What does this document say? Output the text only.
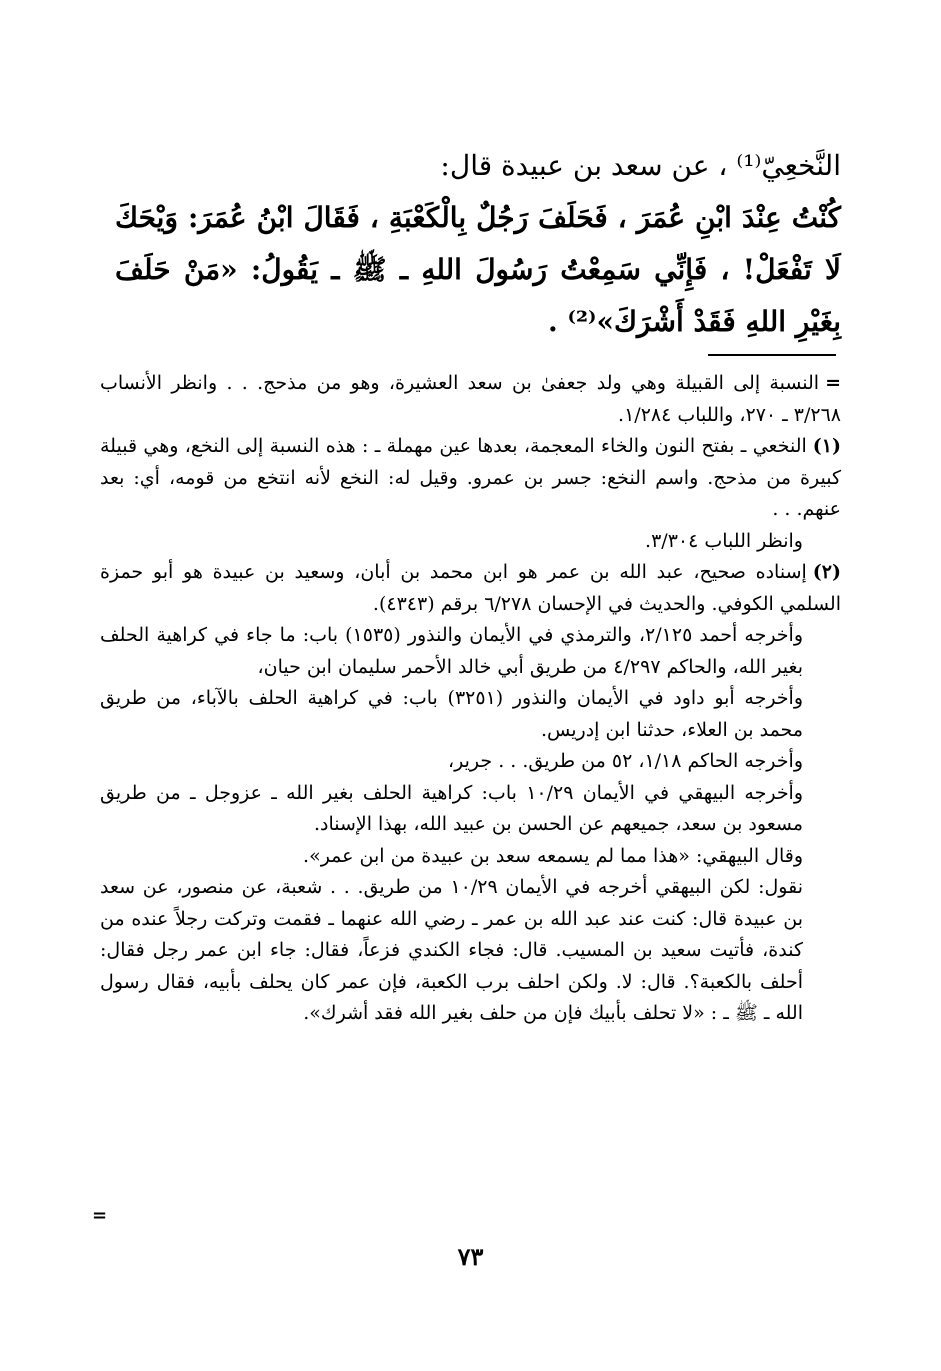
النَّخعِيّ⁽¹⁾ ، عن سعد بن عبيدة قال:

كُنْتُ عِنْدَ ابْنِ عُمَرَ ، فَحَلَفَ رَجُلٌ بِالْكَعْبَةِ ، فَقَالَ ابْنُ عُمَرَ: وَيْحَكَ لَا تَفْعَلْ! ، فَإِنِّي سَمِعْتُ رَسُولَ اللهِ ـ ﷺ ـ يَقُولُ: «مَنْ حَلَفَ بِغَيْرِ اللهِ فَقَدْ أَشْرَكَ»⁽²⁾ .

=النسبة إلى القبيلة وهي ولد جعفىٰ بن سعد العشيرة، وهو من مذحج. . . وانظر الأنساب ٣/٢٦٨ ـ ٢٧٠، واللباب ١/٢٨٤.

(١)النخعي ـ بفتح النون والخاء المعجمة، بعدها عين مهملة ـ : هذه النسبة إلى النخع، وهي قبيلة كبيرة من مذحج. واسم النخع: جسر بن عمرو. وقيل له: النخع لأنه انتخع من قومه، أي: بعد عنهم. . .

وانظر اللباب ٣/٣٠٤.

(٢)إسناده صحيح، عبد الله بن عمر هو ابن محمد بن أبان، وسعيد بن عبيدة هو أبو حمزة السلمي الكوفي. والحديث في الإحسان ٦/٢٧٨ برقم (٤٣٤٣).

وأخرجه أحمد ٢/١٢٥، والترمذي في الأيمان والنذور (١٥٣٥) باب: ما جاء في كراهية الحلف بغير الله، والحاكم ٤/٢٩٧ من طريق أبي خالد الأحمر سليمان ابن حيان،

وأخرجه أبو داود في الأيمان والنذور (٣٢٥١) باب: في كراهية الحلف بالآباء، من طريق محمد بن العلاء، حدثنا ابن إدريس.

وأخرجه الحاكم ١/١٨، ٥٢ من طريق. . . جرير،

وأخرجه البيهقي في الأيمان ١٠/٢٩ باب: كراهية الحلف بغير الله ـ عزوجل ـ من طريق مسعود بن سعد، جميعهم عن الحسن بن عبيد الله، بهذا الإسناد.

وقال البيهقي: «هذا مما لم يسمعه سعد بن عبيدة من ابن عمر».

نقول: لكن البيهقي أخرجه في الأيمان ١٠/٢٩ من طريق. . . شعبة، عن منصور، عن سعد بن عبيدة قال: كنت عند عبد الله بن عمر ـ رضي الله عنهما ـ فقمت وتركت رجلاً عنده من كندة، فأتيت سعيد بن المسيب. قال: فجاء الكندي فزعاً، فقال: جاء ابن عمر رجل فقال: أحلف بالكعبة؟. قال: لا. ولكن احلف برب الكعبة، فإن عمر كان يحلف بأبيه، فقال رسول الله ـ ﷺ ـ : «لا تحلف بأبيك فإن من حلف بغير الله فقد أشرك».

=
٧٣
